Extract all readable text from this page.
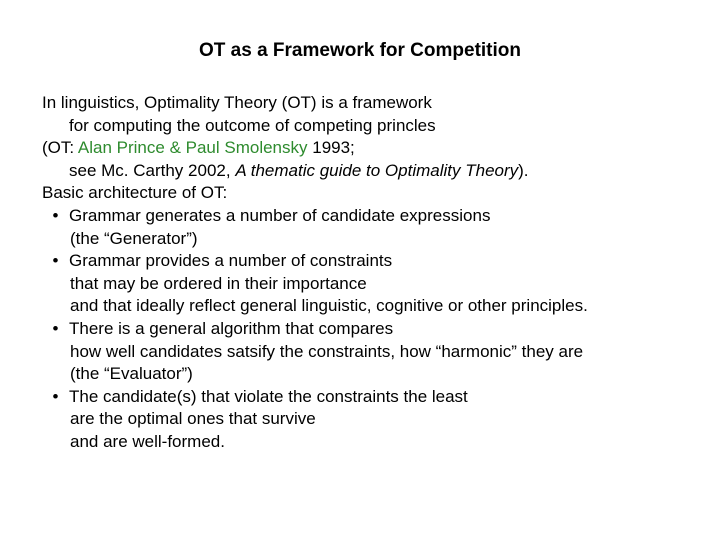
OT as a Framework for Competition
In linguistics, Optimality Theory (OT) is a framework
for computing the outcome of competing princles
(OT: Alan Prince & Paul Smolensky 1993;
see Mc. Carthy 2002, A thematic guide to Optimality Theory).
Basic architecture of OT:
• Grammar generates a number of candidate expressions
(the “Generator”)
• Grammar provides a number of constraints
that may be ordered in their importance
and that ideally reflect general linguistic, cognitive or other principles.
• There is a general algorithm that compares
how well candidates satsify the constraints, how “harmonic” they are
(the “Evaluator”)
• The candidate(s) that violate the constraints the least
are the optimal ones that survive
and are well-formed.
